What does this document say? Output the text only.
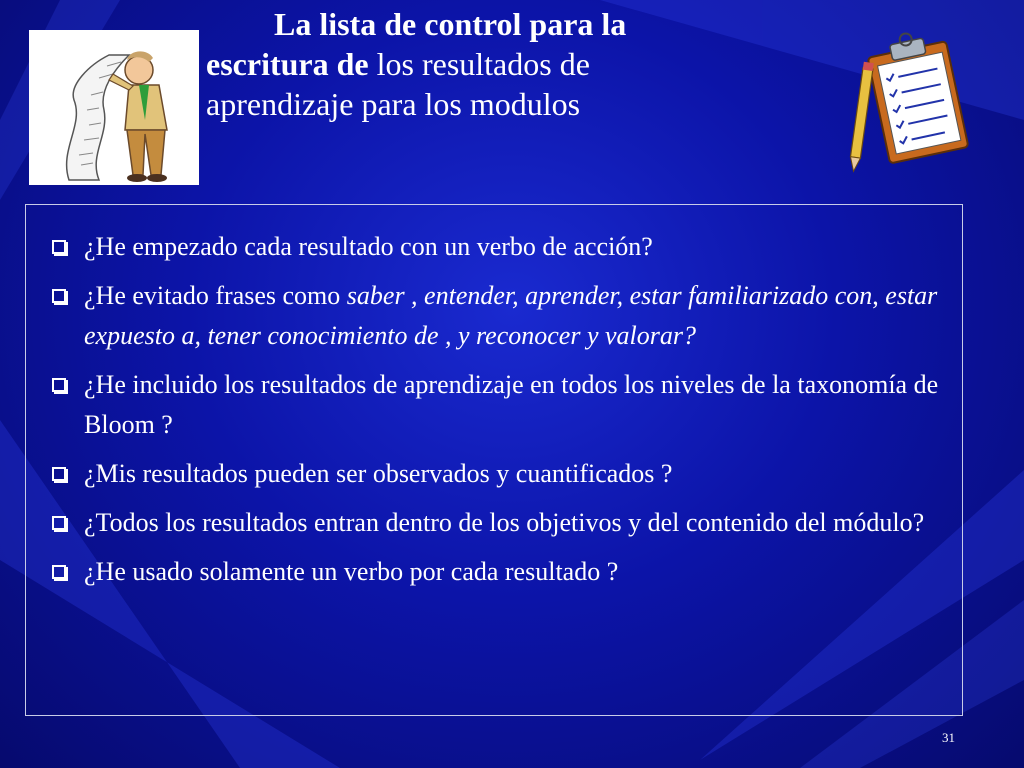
La lista de control para la
escritura de los resultados de
aprendizaje para los modulos
¿He empezado cada resultado con un verbo de acción?
¿He evitado frases como saber , entender, aprender, estar familiarizado con, estar expuesto a, tener conocimiento de , y reconocer y valorar?
¿He incluido los resultados de aprendizaje en todos los niveles de la taxonomía de Bloom ?
¿Mis resultados pueden ser observados y cuantificados ?
¿Todos los resultados entran dentro de los objetivos y del contenido del módulo?
¿He usado solamente un verbo por cada resultado ?
31
